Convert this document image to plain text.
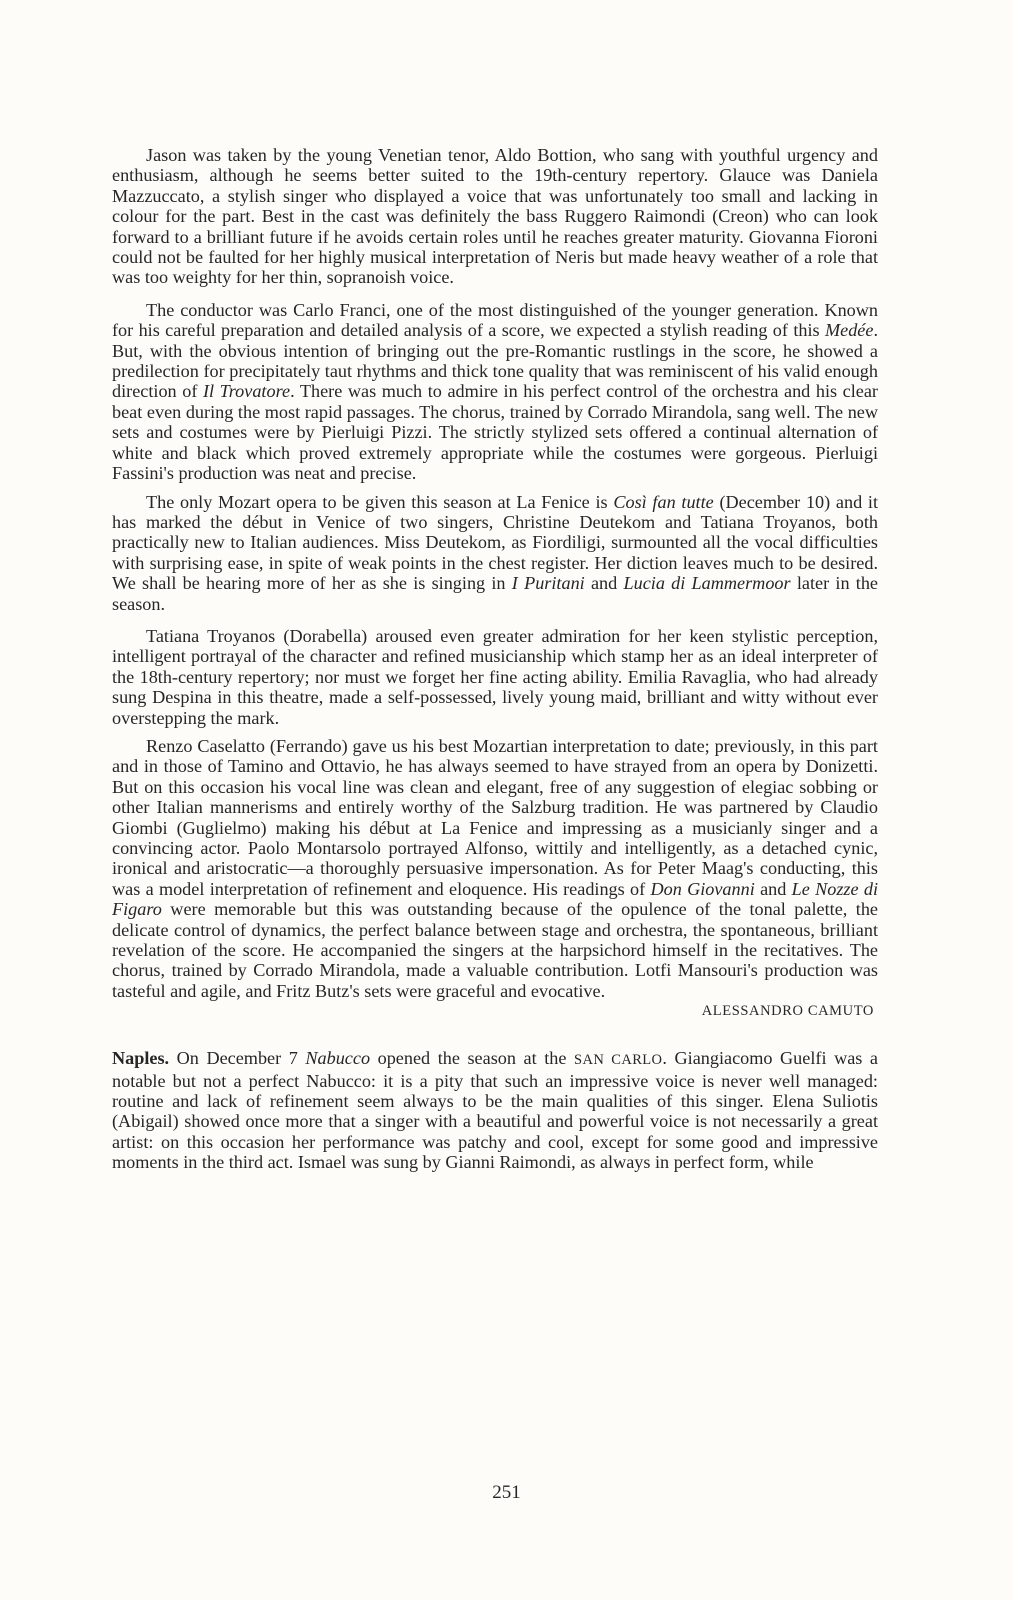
Jason was taken by the young Venetian tenor, Aldo Bottion, who sang with youthful urgency and enthusiasm, although he seems better suited to the 19th-century repertory. Glauce was Daniela Mazzuccato, a stylish singer who displayed a voice that was unfortunately too small and lacking in colour for the part. Best in the cast was definitely the bass Ruggero Raimondi (Creon) who can look forward to a brilliant future if he avoids certain roles until he reaches greater maturity. Giovanna Fioroni could not be faulted for her highly musical interpretation of Neris but made heavy weather of a role that was too weighty for her thin, sopranoish voice.

The conductor was Carlo Franci, one of the most distinguished of the younger generation. Known for his careful preparation and detailed analysis of a score, we expected a stylish reading of this Medée. But, with the obvious intention of bringing out the pre-Romantic rustlings in the score, he showed a predilection for precipitately taut rhythms and thick tone quality that was reminiscent of his valid enough direction of Il Trovatore. There was much to admire in his perfect control of the orchestra and his clear beat even during the most rapid passages. The chorus, trained by Corrado Mirandola, sang well. The new sets and costumes were by Pierluigi Pizzi. The strictly stylized sets offered a continual alternation of white and black which proved extremely appropriate while the costumes were gorgeous. Pierluigi Fassini's production was neat and precise.

The only Mozart opera to be given this season at La Fenice is Così fan tutte (December 10) and it has marked the début in Venice of two singers, Christine Deutekom and Tatiana Troyanos, both practically new to Italian audiences. Miss Deutekom, as Fiordiligi, surmounted all the vocal difficulties with surprising ease, in spite of weak points in the chest register. Her diction leaves much to be desired. We shall be hearing more of her as she is singing in I Puritani and Lucia di Lammermoor later in the season.

Tatiana Troyanos (Dorabella) aroused even greater admiration for her keen stylistic perception, intelligent portrayal of the character and refined musicianship which stamp her as an ideal interpreter of the 18th-century repertory; nor must we forget her fine acting ability. Emilia Ravaglia, who had already sung Despina in this theatre, made a self-possessed, lively young maid, brilliant and witty without ever overstepping the mark.

Renzo Caselatto (Ferrando) gave us his best Mozartian interpretation to date; previously, in this part and in those of Tamino and Ottavio, he has always seemed to have strayed from an opera by Donizetti. But on this occasion his vocal line was clean and elegant, free of any suggestion of elegiac sobbing or other Italian mannerisms and entirely worthy of the Salzburg tradition. He was partnered by Claudio Giombi (Guglielmo) making his début at La Fenice and impressing as a musicianly singer and a convincing actor. Paolo Montarsolo portrayed Alfonso, wittily and intelligently, as a detached cynic, ironical and aristocratic—a thoroughly persuasive impersonation. As for Peter Maag's conducting, this was a model interpretation of refinement and eloquence. His readings of Don Giovanni and Le Nozze di Figaro were memorable but this was outstanding because of the opulence of the tonal palette, the delicate control of dynamics, the perfect balance between stage and orchestra, the spontaneous, brilliant revelation of the score. He accompanied the singers at the harpsichord himself in the recitatives. The chorus, trained by Corrado Mirandola, made a valuable contribution. Lotfi Mansouri's production was tasteful and agile, and Fritz Butz's sets were graceful and evocative.

ALESSANDRO CAMUTO

Naples. On December 7 Nabucco opened the season at the SAN CARLO. Giangiacomo Guelfi was a notable but not a perfect Nabucco: it is a pity that such an impressive voice is never well managed: routine and lack of refinement seem always to be the main qualities of this singer. Elena Suliotis (Abigail) showed once more that a singer with a beautiful and powerful voice is not necessarily a great artist: on this occasion her performance was patchy and cool, except for some good and impressive moments in the third act. Ismael was sung by Gianni Raimondi, as always in perfect form, while

251
